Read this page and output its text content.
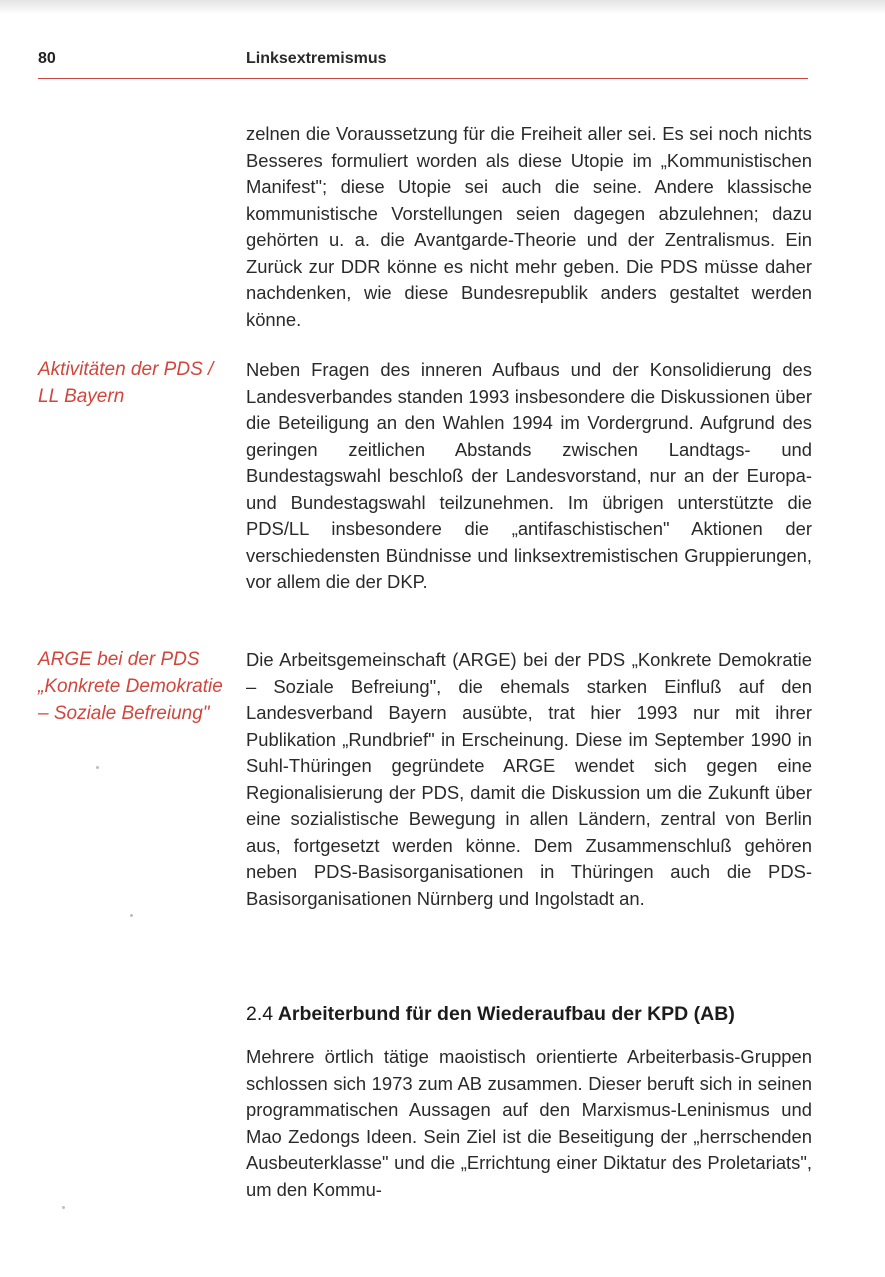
80	Linksextremismus
Aktivitäten der PDS / LL Bayern
ARGE bei der PDS „Konkrete Demokratie – Soziale Befreiung"

zelnen die Voraussetzung für die Freiheit aller sei. Es sei noch nichts Besseres formuliert worden als diese Utopie im „Kommunistischen Manifest"; diese Utopie sei auch die seine. Andere klassische kommunistische Vorstellungen seien dagegen abzulehnen; dazu gehörten u. a. die Avantgarde-Theorie und der Zentralismus. Ein Zurück zur DDR könne es nicht mehr geben. Die PDS müsse daher nachdenken, wie diese Bundesrepublik anders gestaltet werden könne.

Neben Fragen des inneren Aufbaus und der Konsolidierung des Landesverbandes standen 1993 insbesondere die Diskussionen über die Beteiligung an den Wahlen 1994 im Vordergrund. Aufgrund des geringen zeitlichen Abstands zwischen Landtags- und Bundestagswahl beschloß der Landesvorstand, nur an der Europa- und Bundestagswahl teilzunehmen. Im übrigen unterstützte die PDS/LL insbesondere die „antifaschistischen" Aktionen der verschiedensten Bündnisse und linksextremistischen Gruppierungen, vor allem die der DKP.

Die Arbeitsgemeinschaft (ARGE) bei der PDS „Konkrete Demokratie – Soziale Befreiung", die ehemals starken Einfluß auf den Landesverband Bayern ausübte, trat hier 1993 nur mit ihrer Publikation „Rundbrief" in Erscheinung. Diese im September 1990 in Suhl-Thüringen gegründete ARGE wendet sich gegen eine Regionalisierung der PDS, damit die Diskussion um die Zukunft über eine sozialistische Bewegung in allen Ländern, zentral von Berlin aus, fortgesetzt werden könne. Dem Zusammenschluß gehören neben PDS-Basisorganisationen in Thüringen auch die PDS-Basisorganisationen Nürnberg und Ingolstadt an.

2.4 Arbeiterbund für den Wiederaufbau der KPD (AB)

Mehrere örtlich tätige maoistisch orientierte Arbeiterbasis-Gruppen schlossen sich 1973 zum AB zusammen. Dieser beruft sich in seinen programmatischen Aussagen auf den Marxismus-Leninismus und Mao Zedongs Ideen. Sein Ziel ist die Beseitigung der „herrschenden Ausbeuterklasse" und die „Errichtung einer Diktatur des Proletariats", um den Kommu-
